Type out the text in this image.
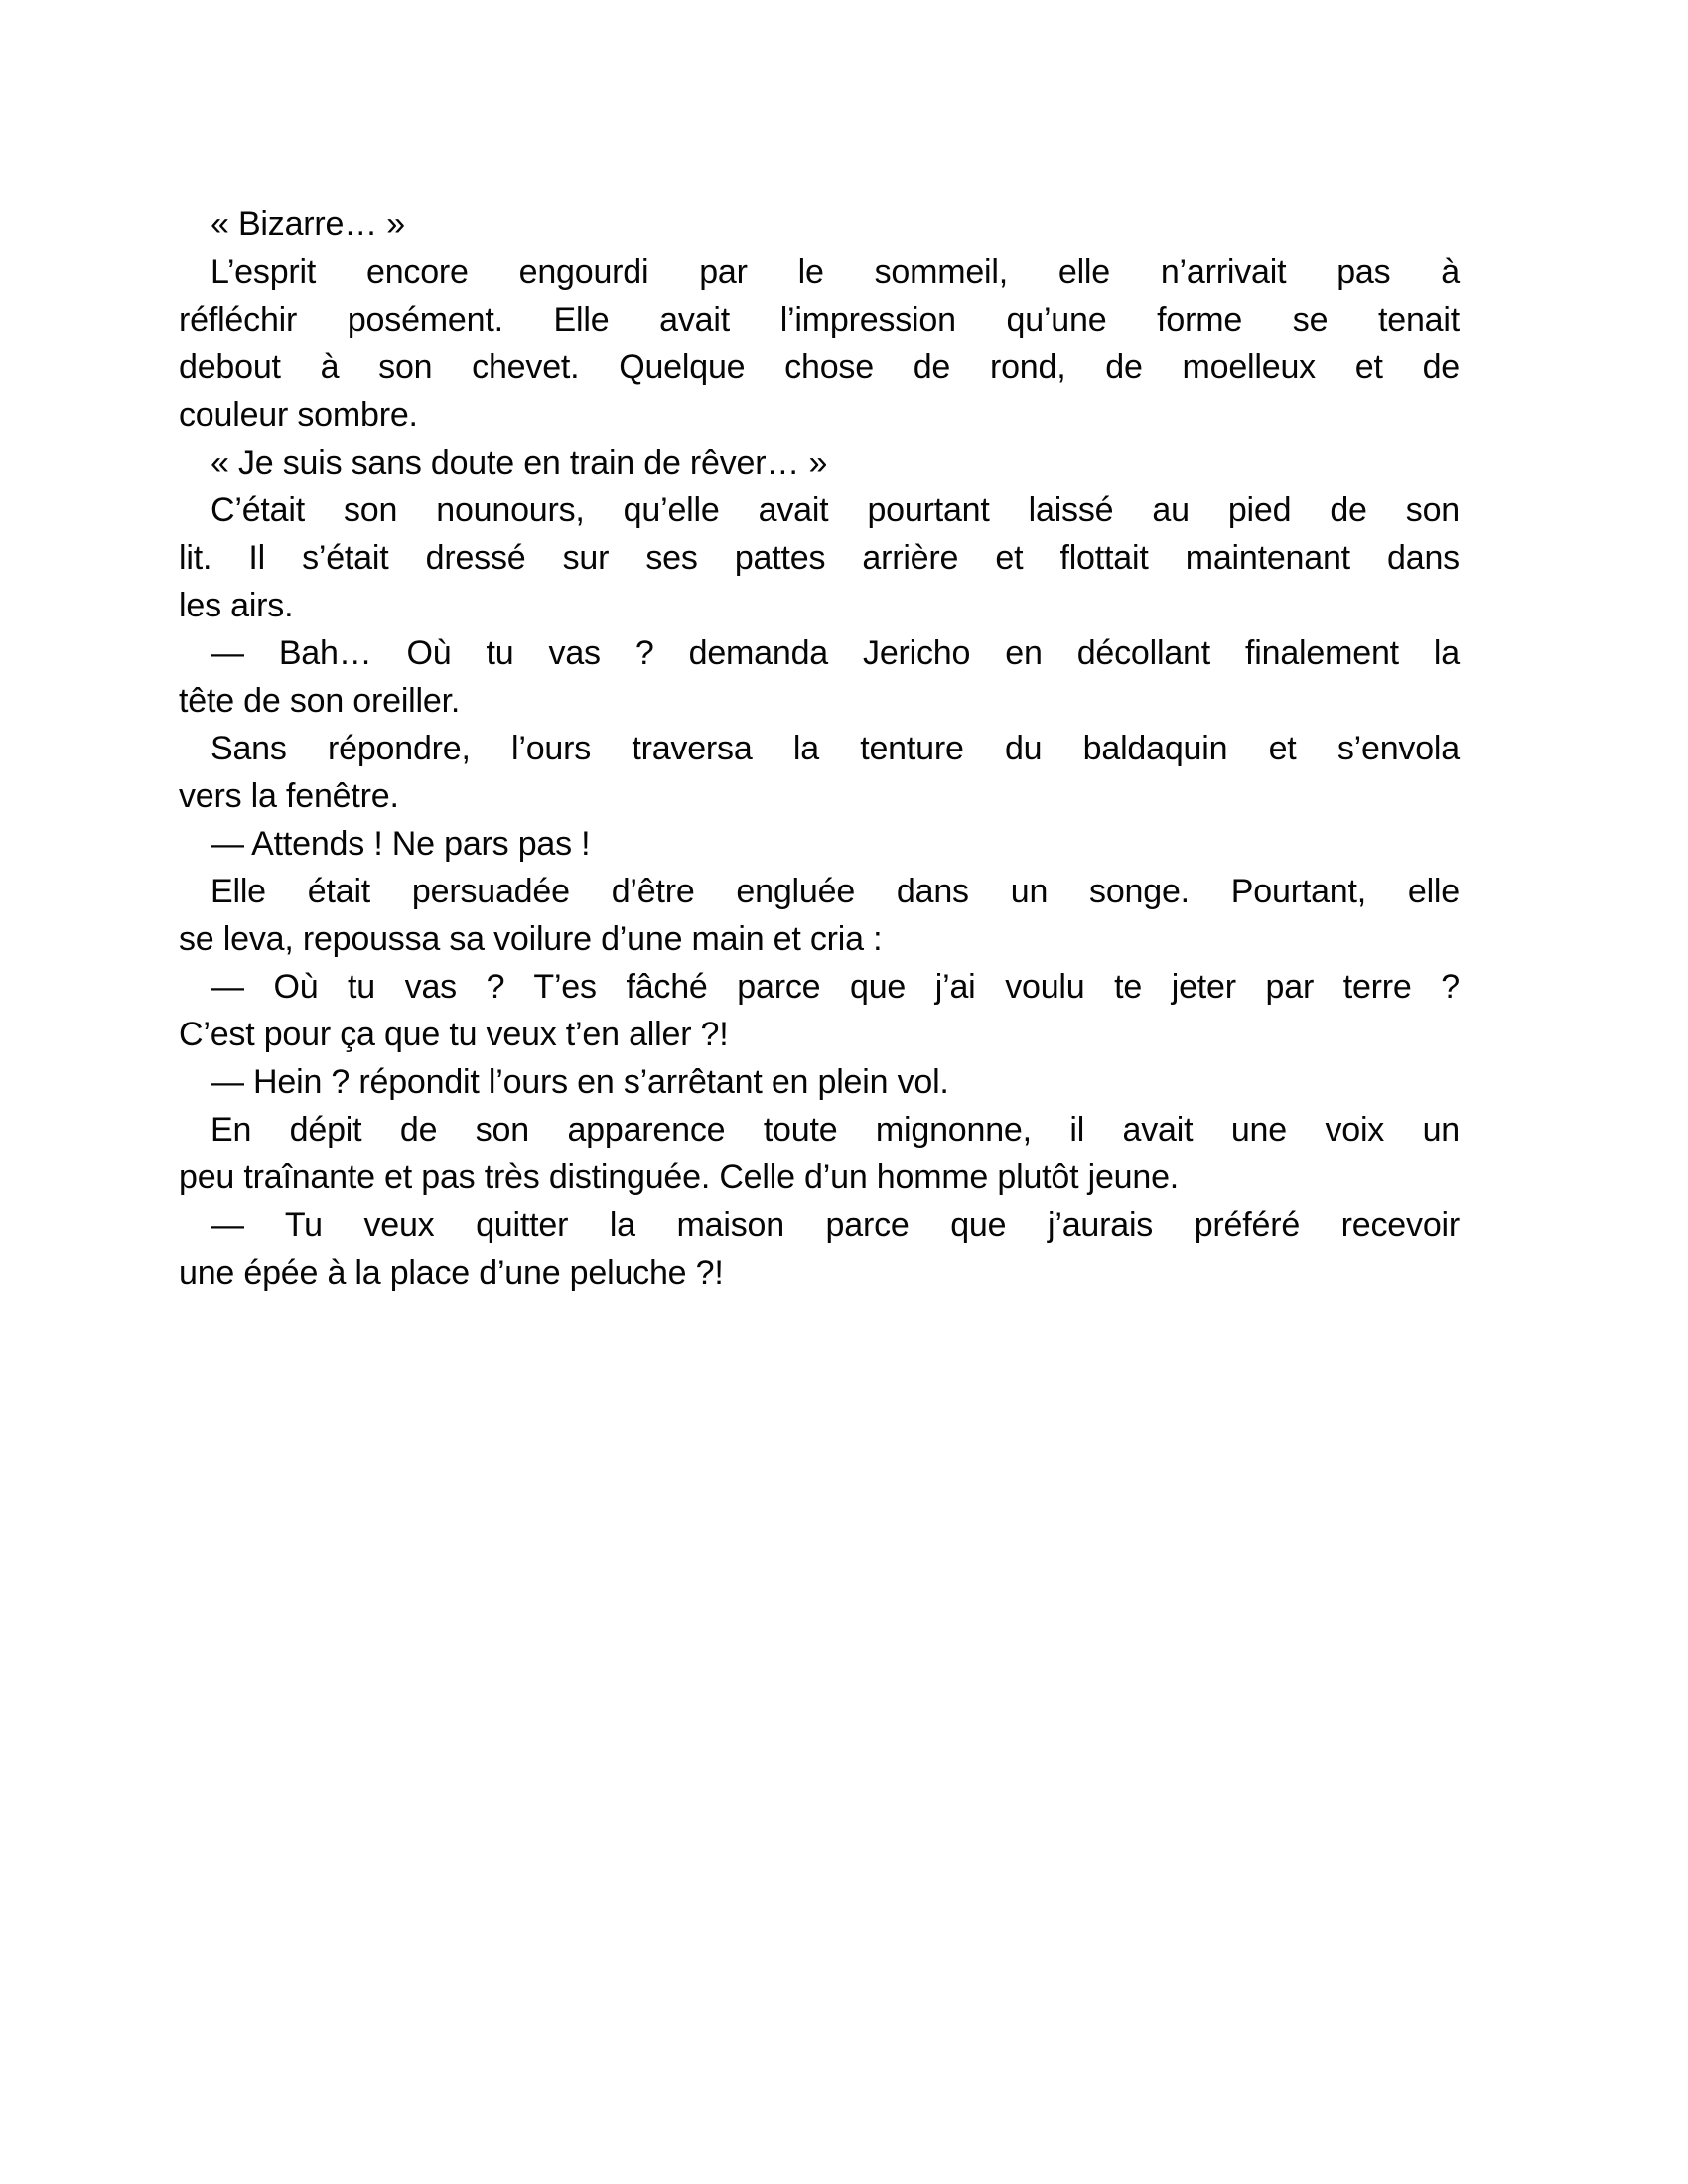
« Bizarre… »
L’esprit encore engourdi par le sommeil, elle n’arrivait pas à
réfléchir posément. Elle avait l’impression qu’une forme se tenait
debout à son chevet. Quelque chose de rond, de moelleux et de
couleur sombre.
« Je suis sans doute en train de rêver… »
C’était son nounours, qu’elle avait pourtant laissé au pied de son
lit. Il s’était dressé sur ses pattes arrière et flottait maintenant dans
les airs.
— Bah… Où tu vas ? demanda Jericho en décollant finalement la
tête de son oreiller.
Sans répondre, l’ours traversa la tenture du baldaquin et s’envola
vers la fenêtre.
— Attends ! Ne pars pas !
Elle était persuadée d’être engluée dans un songe. Pourtant, elle
se leva, repoussa sa voilure d’une main et cria :
— Où tu vas ? T’es fâché parce que j’ai voulu te jeter par terre ?
C’est pour ça que tu veux t’en aller ?!
— Hein ? répondit l’ours en s’arrêtant en plein vol.
En dépit de son apparence toute mignonne, il avait une voix un
peu traînante et pas très distinguée. Celle d’un homme plutôt jeune.
— Tu veux quitter la maison parce que j’aurais préféré recevoir
une épée à la place d’une peluche ?!
